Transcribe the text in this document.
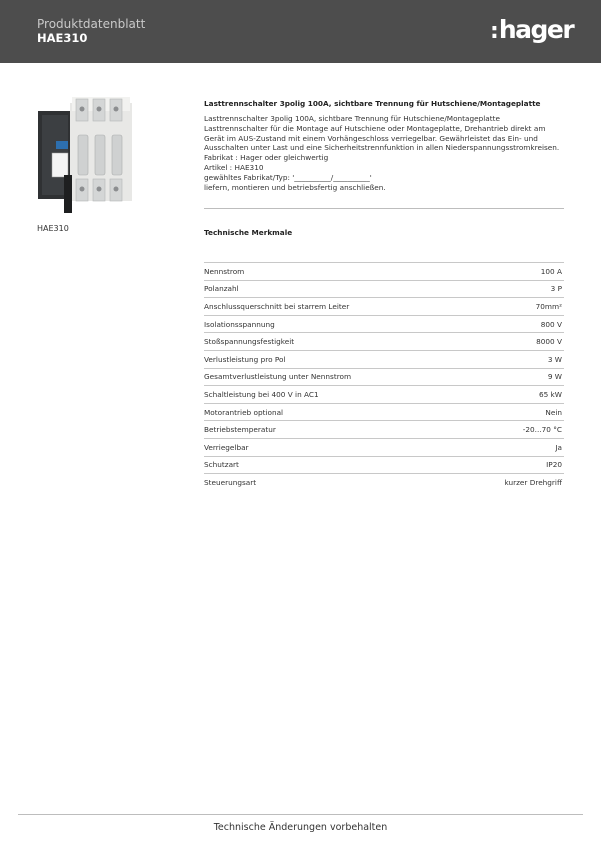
Produktdatenblatt
HAE310	:hager
HAE310
Lasttrennschalter 3polig 100A, sichtbare Trennung für Hutschiene/Montageplatte
Lasttrennschalter 3polig 100A, sichtbare Trennung für Hutschiene/Montageplatte
Lasttrennschalter für die Montage auf Hutschiene oder Montageplatte, Drehantrieb direkt am
Gerät im AUS-Zustand mit einem Vorhängeschloss verriegelbar. Gewährleistet das Ein- und
Ausschalten unter Last und eine Sicherheitstrennfunktion in allen Niederspannungsstromkreisen.
Fabrikat : Hager oder gleichwertig
Artikel : HAE310
gewähltes Fabrikat/Typ: '__________/__________'
liefern, montieren und betriebsfertig anschließen.
Technische Merkmale
Nennstrom	100 A
Polanzahl	3 P
Anschlussquerschnitt bei starrem Leiter	70mm²
Isolationsspannung	800 V
Stoßspannungsfestigkeit	8000 V
Verlustleistung pro Pol	3 W
Gesamtverlustleistung unter Nennstrom	9 W
Schaltleistung bei 400 V in AC1	65 kW
Motorantrieb optional	Nein
Betriebstemperatur	-20...70 °C
Verriegelbar	Ja
Schutzart	IP20
Steuerungsart	kurzer Drehgriff
Technische Änderungen vorbehalten
